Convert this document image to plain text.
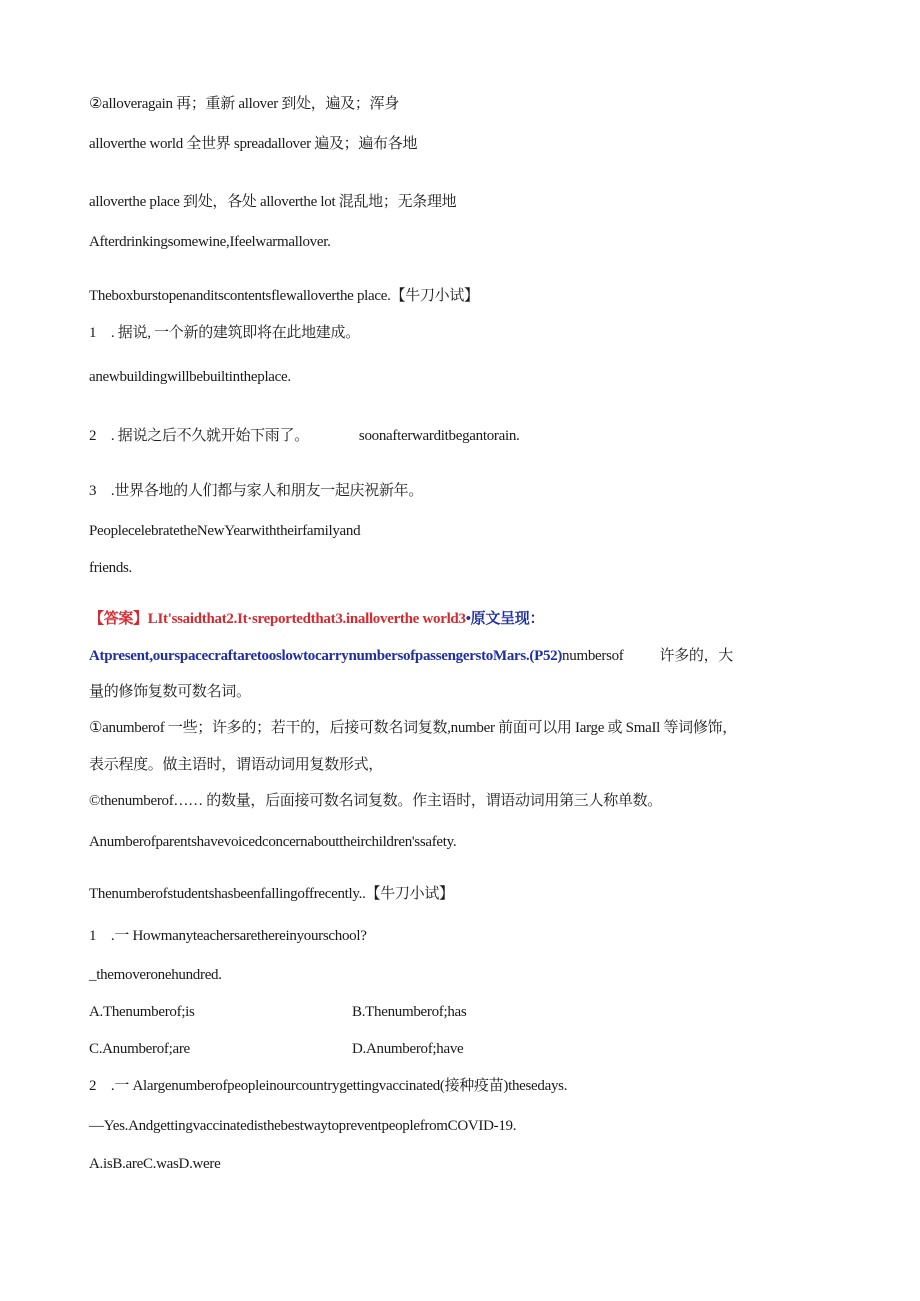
②alloveragain 再；重新 allover 到处，遍及；浑身
alloverthe world 全世界 spreadallover 遍及；遍布各地
alloverthe place 到处，各处 alloverthe lot 混乱地；无条理地
Afterdrinkingsomewine,Ifeelwarmallover.
Theboxburstopenanditscontentsflewalloverthe place.【牛刀小试】
1　. 据说, 一个新的建筑即将在此地建成。
anewbuildingwillbebuiltintheplace.
2　. 据说之后不久就开始下雨了。	soonafterwarditbegantorain.
3　.世界各地的人们都与家人和朋友一起庆祝新年。
PeoplecelebratetheNewYearwiththeirfamilyand
friends.
【答案】LIt'ssaidthat2.It·sreportedthat3.inalloverthe world3•原文呈现：
Atpresent,ourspacecraftaretooslowtocarrynumbersofpassengerstoMars.(P52)numbersof 许多的，大
量的修饰复数可数名词。
①anumberof 一些；许多的；若干的，后接可数名词复数,number 前面可以用 Iarge 或 SmaIl 等词修饰，
表示程度。做主语时，谓语动词用复数形式，
©thenumberof…… 的数量，后面接可数名词复数。作主语时，谓语动词用第三人称单数。
Anumberofparentshavevoicedconcernabouttheirchildren'ssafety.
Thenumberofstudentshasbeenfallingoffrecently..【牛刀小试】
1　.一 Howmanyteachersarethereinyourschool?
_themoveronehundred.
A.Thenumberof;is	B.Thenumberof;has
C.Anumberof;are	D.Anumberof;have
2　.一 Alargenumberofpeopleinourcountrygettingvaccinated(接种疫苗)thesedays.
—Yes.AndgettingvaccinatedisthebestwaytopreventpeoplefromCOVID-19.
A.isB.areC.wasD.were
